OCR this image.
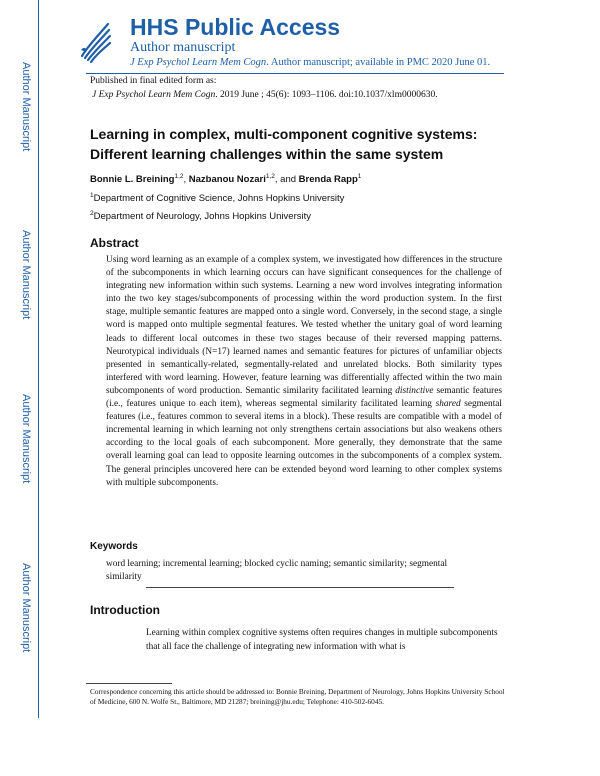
Author Manuscript
Author Manuscript
Author Manuscript
Author Manuscript
HHS Public Access
Author manuscript
J Exp Psychol Learn Mem Cogn. Author manuscript; available in PMC 2020 June 01.
Published in final edited form as:
J Exp Psychol Learn Mem Cogn. 2019 June ; 45(6): 1093–1106. doi:10.1037/xlm0000630.
Learning in complex, multi-component cognitive systems: Different learning challenges within the same system
Bonnie L. Breining$^{1,2}$, Nazbanou Nozari$^{1,2}$, and Brenda Rapp$^1$
$^1$Department of Cognitive Science, Johns Hopkins University
$^2$Department of Neurology, Johns Hopkins University
Abstract
Using word learning as an example of a complex system, we investigated how differences in the structure of the subcomponents in which learning occurs can have significant consequences for the challenge of integrating new information within such systems. Learning a new word involves integrating information into the two key stages/subcomponents of processing within the word production system. In the first stage, multiple semantic features are mapped onto a single word. Conversely, in the second stage, a single word is mapped onto multiple segmental features. We tested whether the unitary goal of word learning leads to different local outcomes in these two stages because of their reversed mapping patterns. Neurotypical individuals (N=17) learned names and semantic features for pictures of unfamiliar objects presented in semantically-related, segmentally-related and unrelated blocks. Both similarity types interfered with word learning. However, feature learning was differentially affected within the two main subcomponents of word production. Semantic similarity facilitated learning distinctive semantic features (i.e., features unique to each item), whereas segmental similarity facilitated learning shared segmental features (i.e., features common to several items in a block). These results are compatible with a model of incremental learning in which learning not only strengthens certain associations but also weakens others according to the local goals of each subcomponent. More generally, they demonstrate that the same overall learning goal can lead to opposite learning outcomes in the subcomponents of a complex system. The general principles uncovered here can be extended beyond word learning to other complex systems with multiple subcomponents.
Keywords
word learning; incremental learning; blocked cyclic naming; semantic similarity; segmental similarity
Introduction
Learning within complex cognitive systems often requires changes in multiple subcomponents that all face the challenge of integrating new information with what is
Correspondence concerning this article should be addressed to: Bonnie Breining, Department of Neurology, Johns Hopkins University School of Medicine, 600 N. Wolfe St., Baltimore, MD 21287; breining@jhu.edu; Telephone: 410-502-6045.
